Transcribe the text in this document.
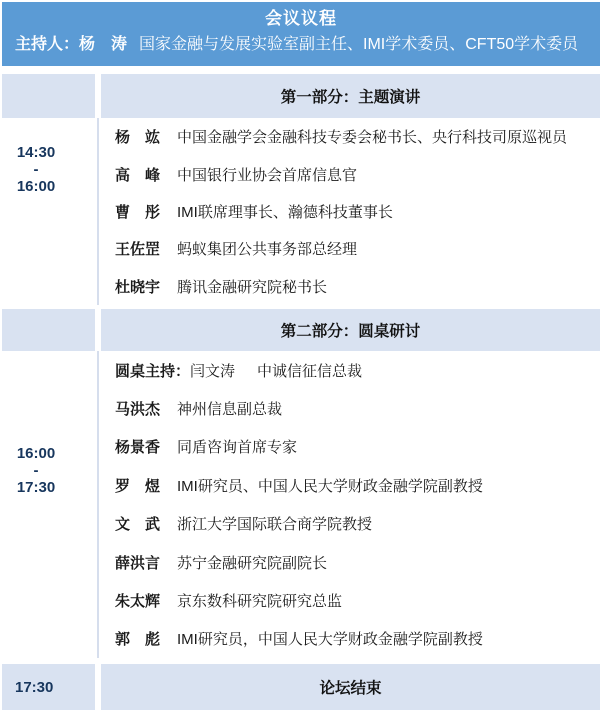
会议议程
主持人：杨　涛 国家金融与发展实验室副主任、IMI学术委员、CFT50学术委员
第一部分：主题演讲
14:30
-
16:00
杨　竑 中国金融学会金融科技专委会秘书长、央行科技司原巡视员
高　峰 中国银行业协会首席信息官
曹　彤 IMI联席理事长、瀚德科技董事长
王佐罡 蚂蚁集团公共事务部总经理
杜晓宇 腾讯金融研究院秘书长
第二部分：圆桌研讨
16:00
-
17:30
圆桌主持： 闫文涛 中诚信征信总裁
马洪杰 神州信息副总裁
杨景香 同盾咨询首席专家
罗　煜 IMI研究员、中国人民大学财政金融学院副教授
文　武 浙江大学国际联合商学院教授
薛洪言 苏宁金融研究院副院长
朱太辉 京东数科研究院研究总监
郭　彪 IMI研究员，中国人民大学财政金融学院副教授
17:30	论坛结束
